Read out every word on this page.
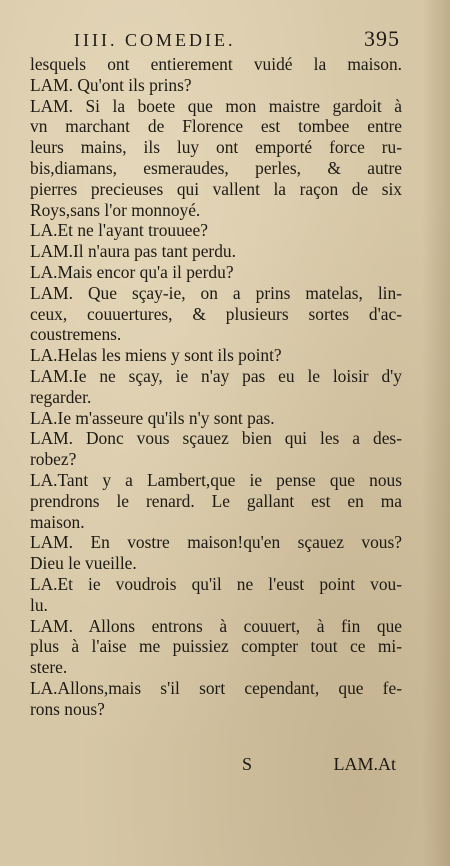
IIII. COMEDIE.	395
lesquels ont entierement vuidé la maison.
LAM. Qu'ont ils prins?
LAM. Si la boete que mon maistre gardoit à
vn marchant de Florence est tombee entre
leurs mains, ils luy ont emporté force ru-
bis,diamans, esmeraudes, perles, & autre
pierres precieuses qui vallent la raçon de six
Roys,sans l'or monnoyé.
LA.Et ne l'ayant trouuee?
LAM.Il n'aura pas tant perdu.
LA.Mais encor qu'a il perdu?
LAM. Que sçay-ie, on a prins matelas, lin-
ceux, couuertures, & plusieurs sortes d'ac-
coustremens.
LA.Helas les miens y sont ils point?
LAM.Ie ne sçay, ie n'ay pas eu le loisir d'y
regarder.
LA.Ie m'asseure qu'ils n'y sont pas.
LAM. Donc vous sçauez bien qui les a des-
robez?
LA.Tant y a Lambert,que ie pense que nous
prendrons le renard. Le gallant est en ma
maison.
LAM. En vostre maison!qu'en sçauez vous?
Dieu le vueille.
LA.Et ie voudrois qu'il ne l'eust point vou-
lu.
LAM. Allons entrons à couuert, à fin que
plus à l'aise me puissiez compter tout ce mi-
stere.
LA.Allons,mais s'il sort cependant, que fe-
rons nous?
S	LAM.At
